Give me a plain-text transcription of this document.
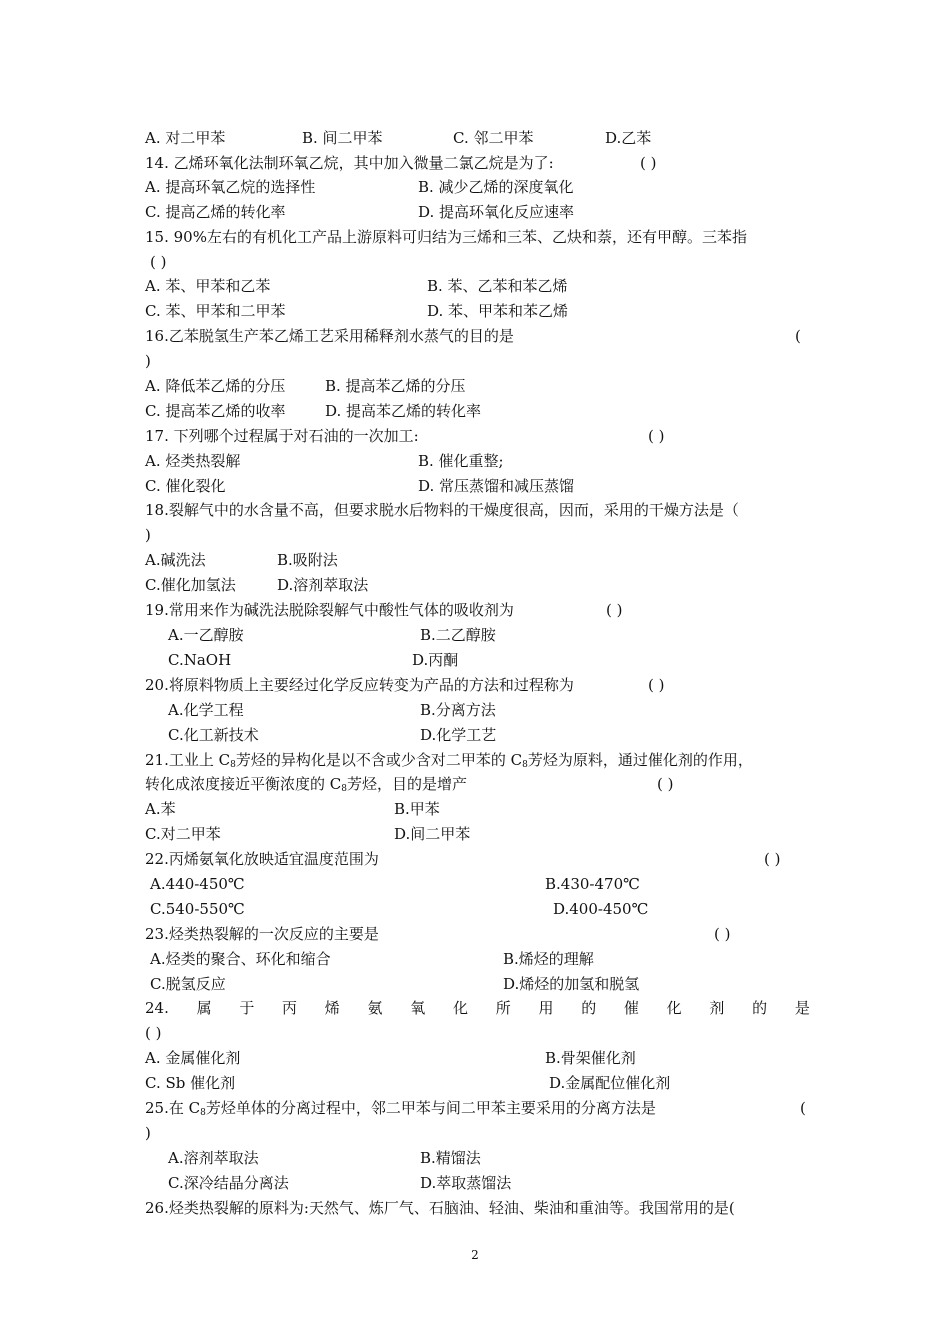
A. 对二甲苯	B. 间二甲苯	C. 邻二甲苯	D.乙苯
14. 乙烯环氧化法制环氧乙烷，其中加入微量二氯乙烷是为了:	( )
A. 提高环氧乙烷的选择性	B. 减少乙烯的深度氧化
C. 提高乙烯的转化率	D. 提高环氧化反应速率
15. 90%左右的有机化工产品上游原料可归结为三烯和三苯、乙炔和萘，还有甲醇。三苯指
( )
A. 苯、甲苯和乙苯	B. 苯、乙苯和苯乙烯
C. 苯、甲苯和二甲苯	D. 苯、甲苯和苯乙烯
16.乙苯脱氢生产苯乙烯工艺采用稀释剂水蒸气的目的是	(
)
A. 降低苯乙烯的分压	B. 提高苯乙烯的分压
C. 提高苯乙烯的收率	D. 提高苯乙烯的转化率
17. 下列哪个过程属于对石油的一次加工:	( )
A. 烃类热裂解	B. 催化重整;
C. 催化裂化	D. 常压蒸馏和减压蒸馏
18.裂解气中的水含量不高，但要求脱水后物料的干燥度很高，因而，采用的干燥方法是（
)
A.碱洗法	B.吸附法
C.催化加氢法	D.溶剂萃取法
19.常用来作为碱洗法脱除裂解气中酸性气体的吸收剂为	( )
A.一乙醇胺	B.二乙醇胺
C.NaOH	D.丙酮
20.将原料物质上主要经过化学反应转变为产品的方法和过程称为	( )
A.化学工程	B.分离方法
C.化工新技术	D.化学工艺
21.工业上 $C_8$芳烃的异构化是以不含或少含对二甲苯的 $C_8$芳烃为原料，通过催化剂的作用，
转化成浓度接近平衡浓度的 $C_8$芳烃，目的是增产	( )
A.苯	B.甲苯
C.对二甲苯	D.间二甲苯
22.丙烯氨氧化放映适宜温度范围为	( )
A.440-450℃	B.430-470℃
C.540-550℃	D.400-450℃
23.烃类热裂解的一次反应的主要是	( )
A.烃类的聚合、环化和缩合	B.烯烃的理解
C.脱氢反应	D.烯烃的加氢和脱氢
24. 属 于 丙 烯 氨 氧 化 所 用 的 催 化 剂 的 是
( )
A. 金属催化剂	B.骨架催化剂
C. Sb 催化剂	D.金属配位催化剂
25.在 $C_8$芳烃单体的分离过程中，邻二甲苯与间二甲苯主要采用的分离方法是	(
)
A.溶剂萃取法	B.精馏法
C.深冷结晶分离法	D.萃取蒸馏法
26.烃类热裂解的原料为:天然气、炼厂气、石脑油、轻油、柴油和重油等。我国常用的是(
2
